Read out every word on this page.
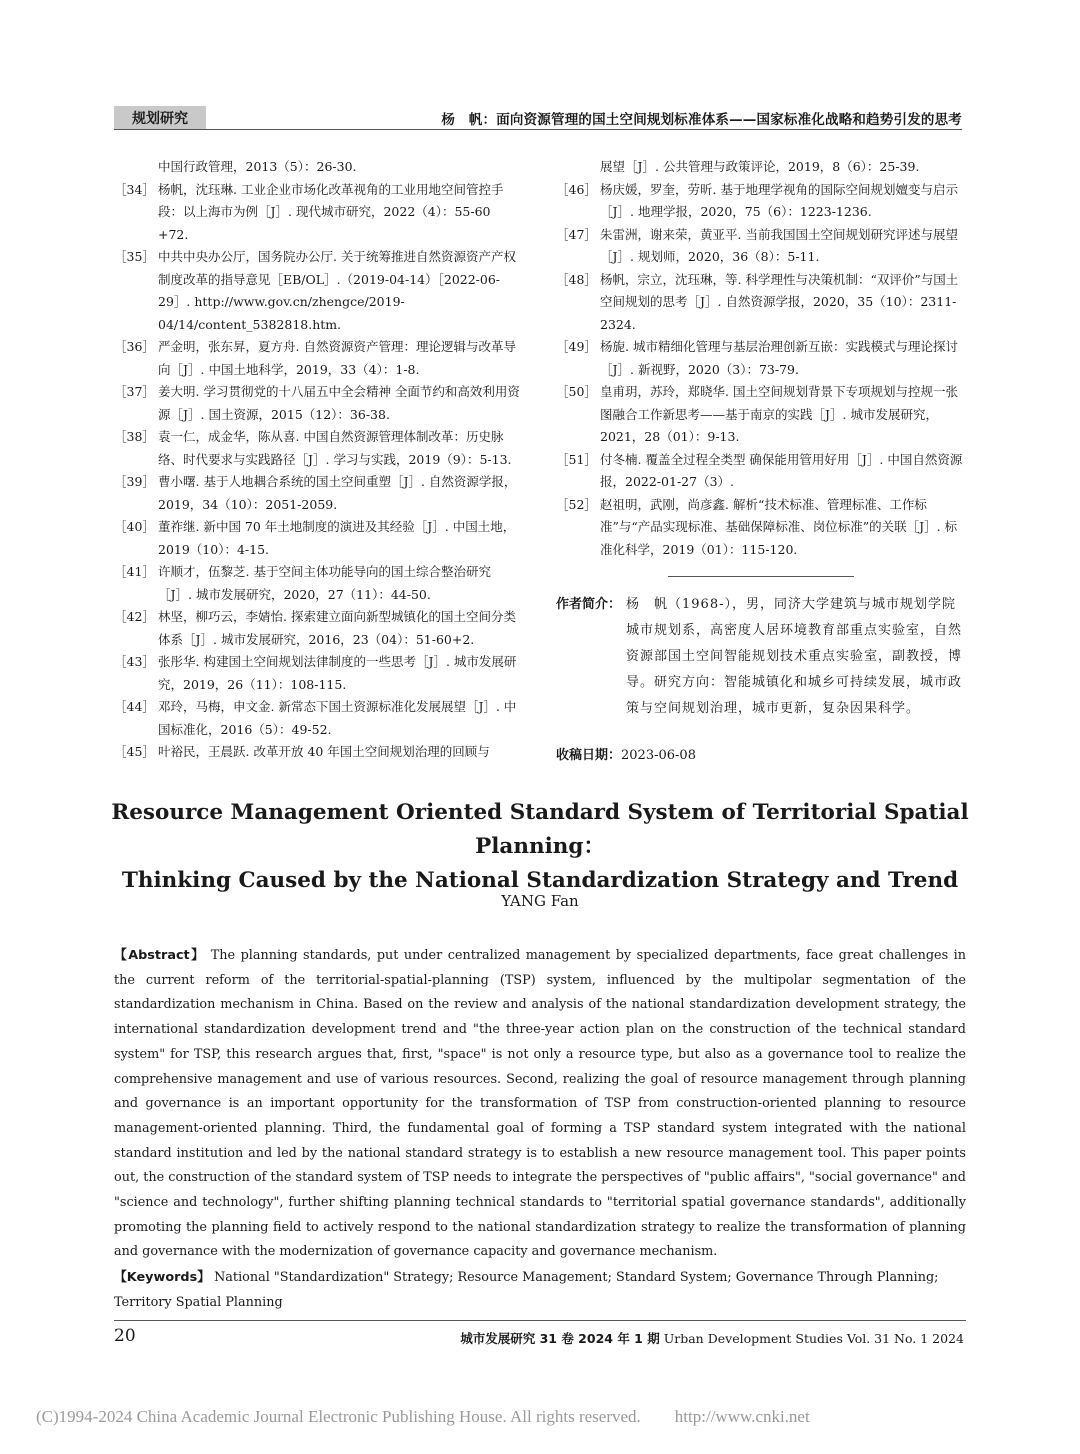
规划研究	杨　帆：面向资源管理的国土空间规划标准体系——国家标准化战略和趋势引发的思考
中国行政管理，2013（5）：26-30.
［34］ 杨帆，沈珏琳. 工业企业市场化改革视角的工业用地空间管控手段：以上海市为例［J］. 现代城市研究，2022（4）：55-60 +72.
［35］ 中共中央办公厅，国务院办公厅. 关于统筹推进自然资源资产产权制度改革的指导意见［EB/OL］.（2019-04-14）［2022-06-29］. http://www.gov.cn/zhengce/2019-04/14/content_5382818.htm.
［36］ 严金明，张东昇，夏方舟. 自然资源资产管理：理论逻辑与改革导向［J］. 中国土地科学，2019，33（4）：1-8.
［37］ 姜大明. 学习贯彻党的十八届五中全会精神 全面节约和高效利用资源［J］. 国土资源，2015（12）：36-38.
［38］ 袁一仁，成金华，陈从喜. 中国自然资源管理体制改革：历史脉络、时代要求与实践路径［J］. 学习与实践，2019（9）：5-13.
［39］ 曹小曙. 基于人地耦合系统的国土空间重塑［J］. 自然资源学报，2019，34（10）：2051-2059.
［40］ 董祚继. 新中国 70 年土地制度的演进及其经验［J］. 中国土地，2019（10）：4-15.
［41］ 许顺才，伍黎芝. 基于空间主体功能导向的国土综合整治研究［J］. 城市发展研究，2020，27（11）：44-50.
［42］ 林坚，柳巧云，李婧怡. 探索建立面向新型城镇化的国土空间分类体系［J］. 城市发展研究，2016，23（04）：51-60+2.
［43］ 张彤华. 构建国土空间规划法律制度的一些思考［J］. 城市发展研究，2019，26（11）：108-115.
［44］ 邓玲，马梅，申文金. 新常态下国土资源标准化发展展望［J］. 中国标准化，2016（5）：49-52.
［45］ 叶裕民，王晨跃. 改革开放 40 年国土空间规划治理的回顾与
展望［J］. 公共管理与政策评论，2019，8（6）：25-39.
［46］ 杨庆媛，罗奎，劳昕. 基于地理学视角的国际空间规划嬗变与启示［J］. 地理学报，2020，75（6）：1223-1236.
［47］ 朱雷洲，谢来荣，黄亚平. 当前我国国土空间规划研究评述与展望［J］. 规划师，2020，36（8）：5-11.
［48］ 杨帆，宗立，沈珏琳，等. 科学理性与决策机制：“双评价”与国土空间规划的思考［J］. 自然资源学报，2020，35（10）：2311-2324.
［49］ 杨旎. 城市精细化管理与基层治理创新互嵌：实践模式与理论探讨［J］. 新视野，2020（3）：73-79.
［50］ 皇甫玥，苏玲，郑晓华. 国土空间规划背景下专项规划与控规一张图融合工作新思考——基于南京的实践［J］. 城市发展研究，2021，28（01）：9-13.
［51］ 付冬楠. 覆盖全过程全类型 确保能用管用好用［J］. 中国自然资源报，2022-01-27（3）.
［52］ 赵祖明，武刚，尚彦鑫. 解析“技术标准、管理标准、工作标准”与“产品实现标准、基础保障标准、岗位标准”的关联［J］. 标准化科学，2019（01）：115-120.
作者简介： 杨　帆（1968-），男，同济大学建筑与城市规划学院城市规划系，高密度人居环境教育部重点实验室，自然资源部国土空间智能规划技术重点实验室，副教授，博导。研究方向：智能城镇化和城乡可持续发展，城市政策与空间规划治理，城市更新，复杂因果科学。
收稿日期：2023-06-08
Resource Management Oriented Standard System of Territorial Spatial Planning：
Thinking Caused by the National Standardization Strategy and Trend
YANG Fan
【Abstract】 The planning standards, put under centralized management by specialized departments, face great challenges in the current reform of the territorial-spatial-planning (TSP) system, influenced by the multipolar segmentation of the standardization mechanism in China. Based on the review and analysis of the national standardization development strategy, the international standardization development trend and "the three-year action plan on the construction of the technical standard system" for TSP, this research argues that, first, "space" is not only a resource type, but also as a governance tool to realize the comprehensive management and use of various resources. Second, realizing the goal of resource management through planning and governance is an important opportunity for the transformation of TSP from construction-oriented planning to resource management-oriented planning. Third, the fundamental goal of forming a TSP standard system integrated with the national standard institution and led by the national standard strategy is to establish a new resource management tool. This paper points out, the construction of the standard system of TSP needs to integrate the perspectives of "public affairs", "social governance" and "science and technology", further shifting planning technical standards to "territorial spatial governance standards", additionally promoting the planning field to actively respond to the national standardization strategy to realize the transformation of planning and governance with the modernization of governance capacity and governance mechanism.
【Keywords】 National "Standardization" Strategy; Resource Management; Standard System; Governance Through Planning; Territory Spatial Planning
20	城市发展研究 31 卷 2024 年 1 期 Urban Development Studies Vol. 31 No. 1 2024
(C)1994-2024 China Academic Journal Electronic Publishing House. All rights reserved.　　http://www.cnki.net
